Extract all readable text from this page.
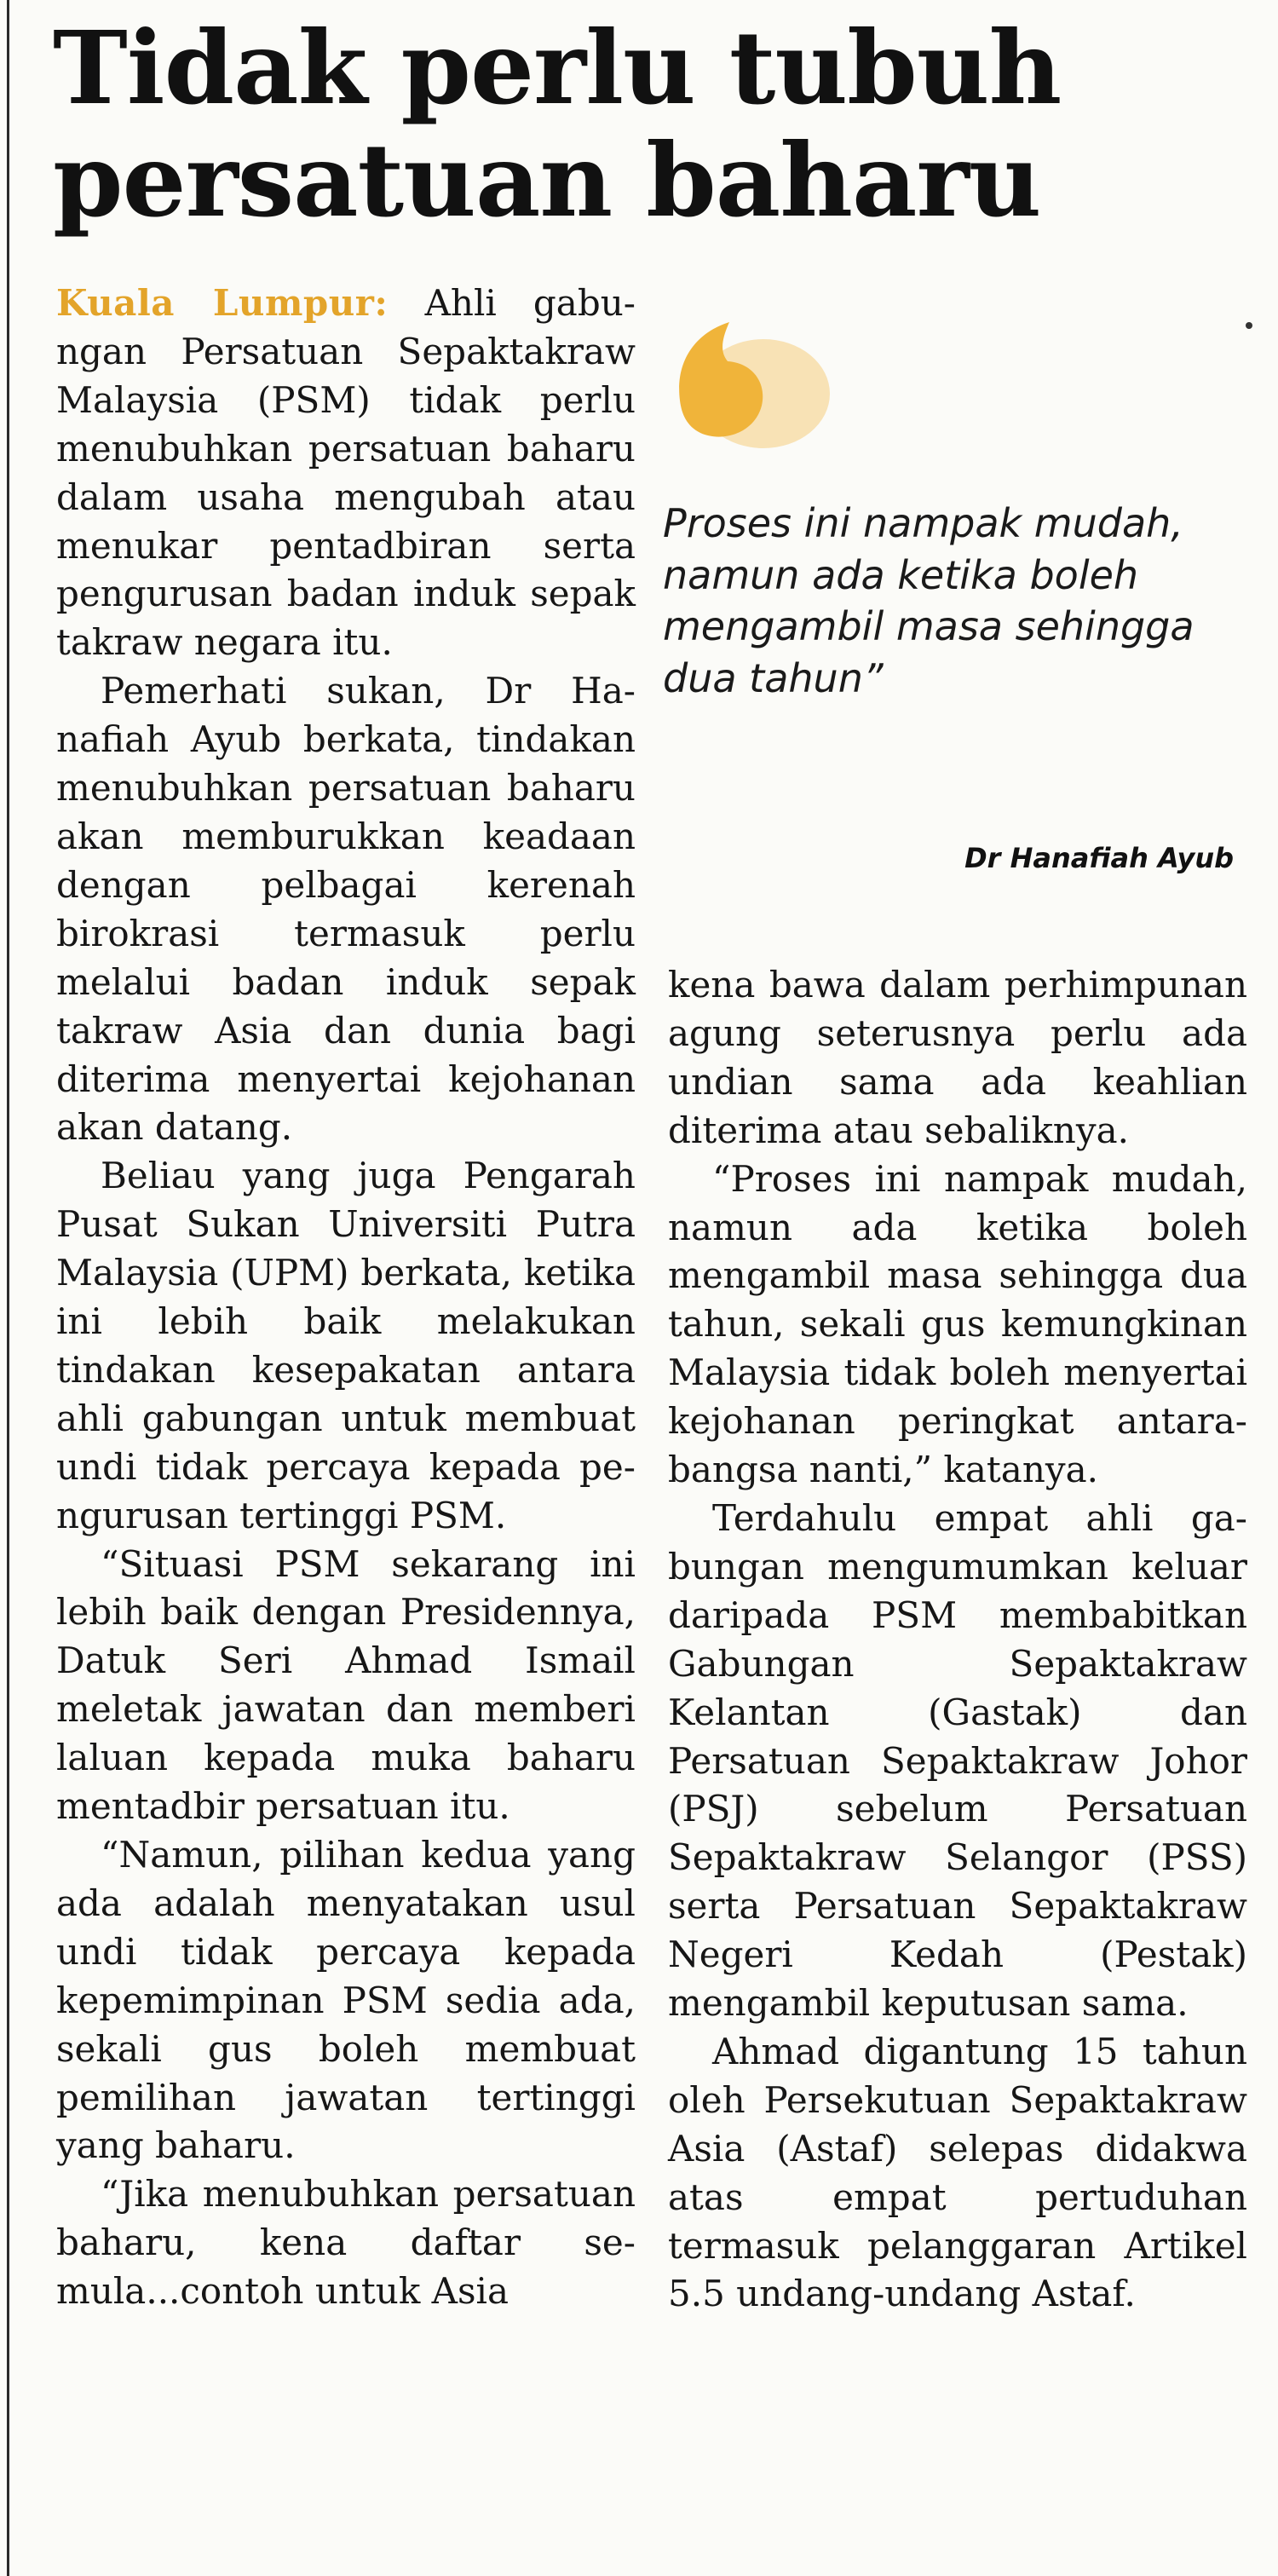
Tidak perlu tubuh
persatuan baharu

Kuala Lumpur: Ahli gabungan Persatuan Sepaktakraw Malaysia (PSM) tidak perlu menubuhkan persatuan baharu dalam usaha mengubah atau menukar pentadbiran serta pengurusan badan induk sepak takraw negara itu.

Pemerhati sukan, Dr Hanafiah Ayub berkata, tindakan menubuhkan persatuan baharu akan memburukkan keadaan dengan pelbagai kerenah birokrasi termasuk perlu melalui badan induk sepak takraw Asia dan dunia bagi diterima menyertai kejohanan akan datang.

Beliau yang juga Pengarah Pusat Sukan Universiti Putra Malaysia (UPM) berkata, ketika ini lebih baik melakukan tindakan kesepakatan antara ahli gabungan untuk membuat undi tidak percaya kepada pengurusan tertinggi PSM.

“Situasi PSM sekarang ini lebih baik dengan Presidennya, Datuk Seri Ahmad Ismail meletak jawatan dan memberi laluan kepada muka baharu mentadbir persatuan itu.

“Namun, pilihan kedua yang ada adalah menyatakan usul undi tidak percaya kepada kepemimpinan PSM sedia ada, sekali gus boleh membuat pemilihan jawatan tertinggi yang baharu.

“Jika menubuhkan persatuan baharu, kena daftar semula...contoh untuk Asia

Proses ini nampak mudah, namun ada ketika boleh mengambil masa sehingga dua tahun”

Dr Hanafiah Ayub

kena bawa dalam perhimpunan agung seterusnya perlu ada undian sama ada keahlian diterima atau sebaliknya.

“Proses ini nampak mudah, namun ada ketika boleh mengambil masa sehingga dua tahun, sekali gus kemungkinan Malaysia tidak boleh menyertai kejohanan peringkat antarabangsa nanti,” katanya.

Terdahulu empat ahli gabungan mengumumkan keluar daripada PSM membabitkan Gabungan Sepaktakraw Kelantan (Gastak) dan Persatuan Sepaktakraw Johor (PSJ) sebelum Persatuan Sepaktakraw Selangor (PSS) serta Persatuan Sepaktakraw Negeri Kedah (Pestak) mengambil keputusan sama.

Ahmad digantung 15 tahun oleh Persekutuan Sepaktakraw Asia (Astaf) selepas didakwa atas empat pertuduhan termasuk pelanggaran Artikel 5.5 undang-undang Astaf.
